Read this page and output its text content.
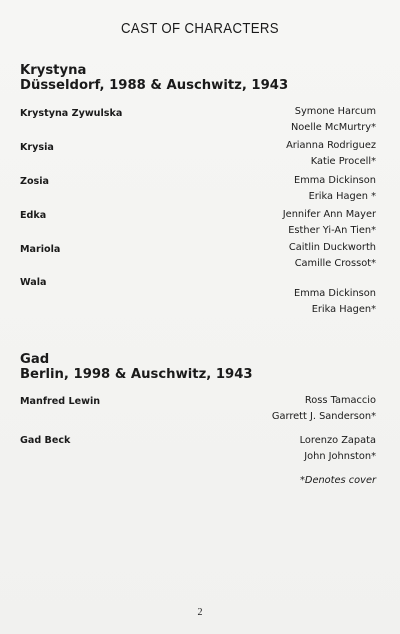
CAST OF CHARACTERS
Krystyna
Düsseldorf, 1988 & Auschwitz, 1943
Krystyna Zywulska	Symone Harcum
Noelle McMurtry*
Krysia	Arianna Rodriguez
Katie Procell*
Zosia	Emma Dickinson
Erika Hagen *
Edka	Jennifer Ann Mayer
Esther Yi-An Tien*
Mariola	Caitlin Duckworth
Camille Crossot*
Wala
Emma Dickinson
Erika Hagen*
Gad
Berlin, 1998 & Auschwitz, 1943
Manfred Lewin	Ross Tamaccio
Garrett J. Sanderson*
Gad Beck	Lorenzo Zapata
John Johnston*
*Denotes cover
2
